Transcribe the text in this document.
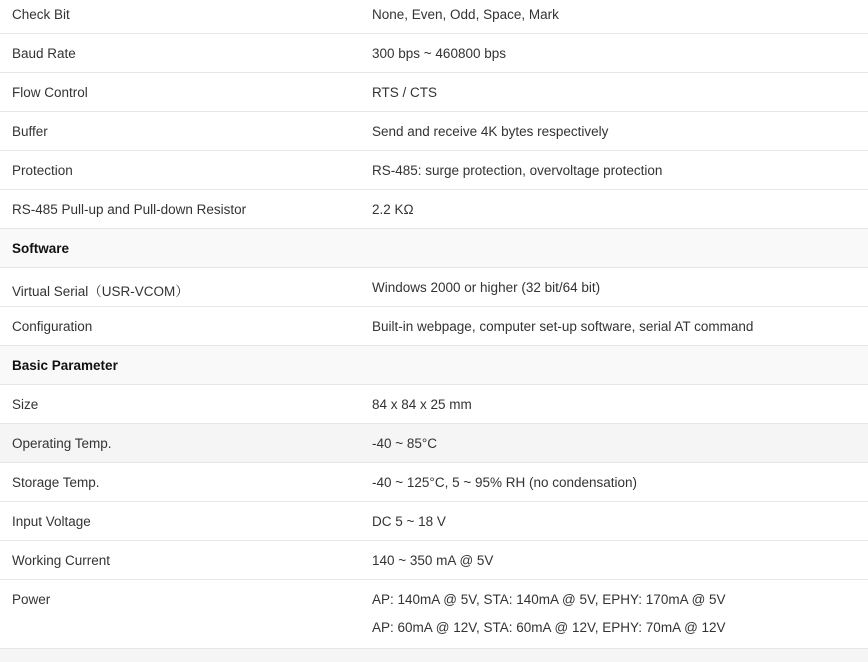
Check Bit	None, Even, Odd, Space, Mark
Baud Rate	300 bps ~ 460800 bps
Flow Control	RTS / CTS
Buffer	Send and receive 4K bytes respectively
Protection	RS-485: surge protection, overvoltage protection
RS-485 Pull-up and Pull-down Resistor	2.2 KΩ
Software
Virtual Serial（USR-VCOM）	Windows 2000 or higher (32 bit/64 bit)
Configuration	Built-in webpage, computer set-up software, serial AT command
Basic Parameter
Size	84 x 84 x 25 mm
Operating Temp.	-40 ~ 85°C
Storage Temp.	-40 ~ 125°C, 5 ~ 95% RH (no condensation)
Input Voltage	DC 5 ~ 18 V
Working Current	140 ~ 350 mA @ 5V
Power	AP: 140mA @ 5V, STA: 140mA @ 5V, EPHY: 170mA @ 5V
AP: 60mA @ 12V, STA: 60mA @ 12V, EPHY: 70mA @ 12V
